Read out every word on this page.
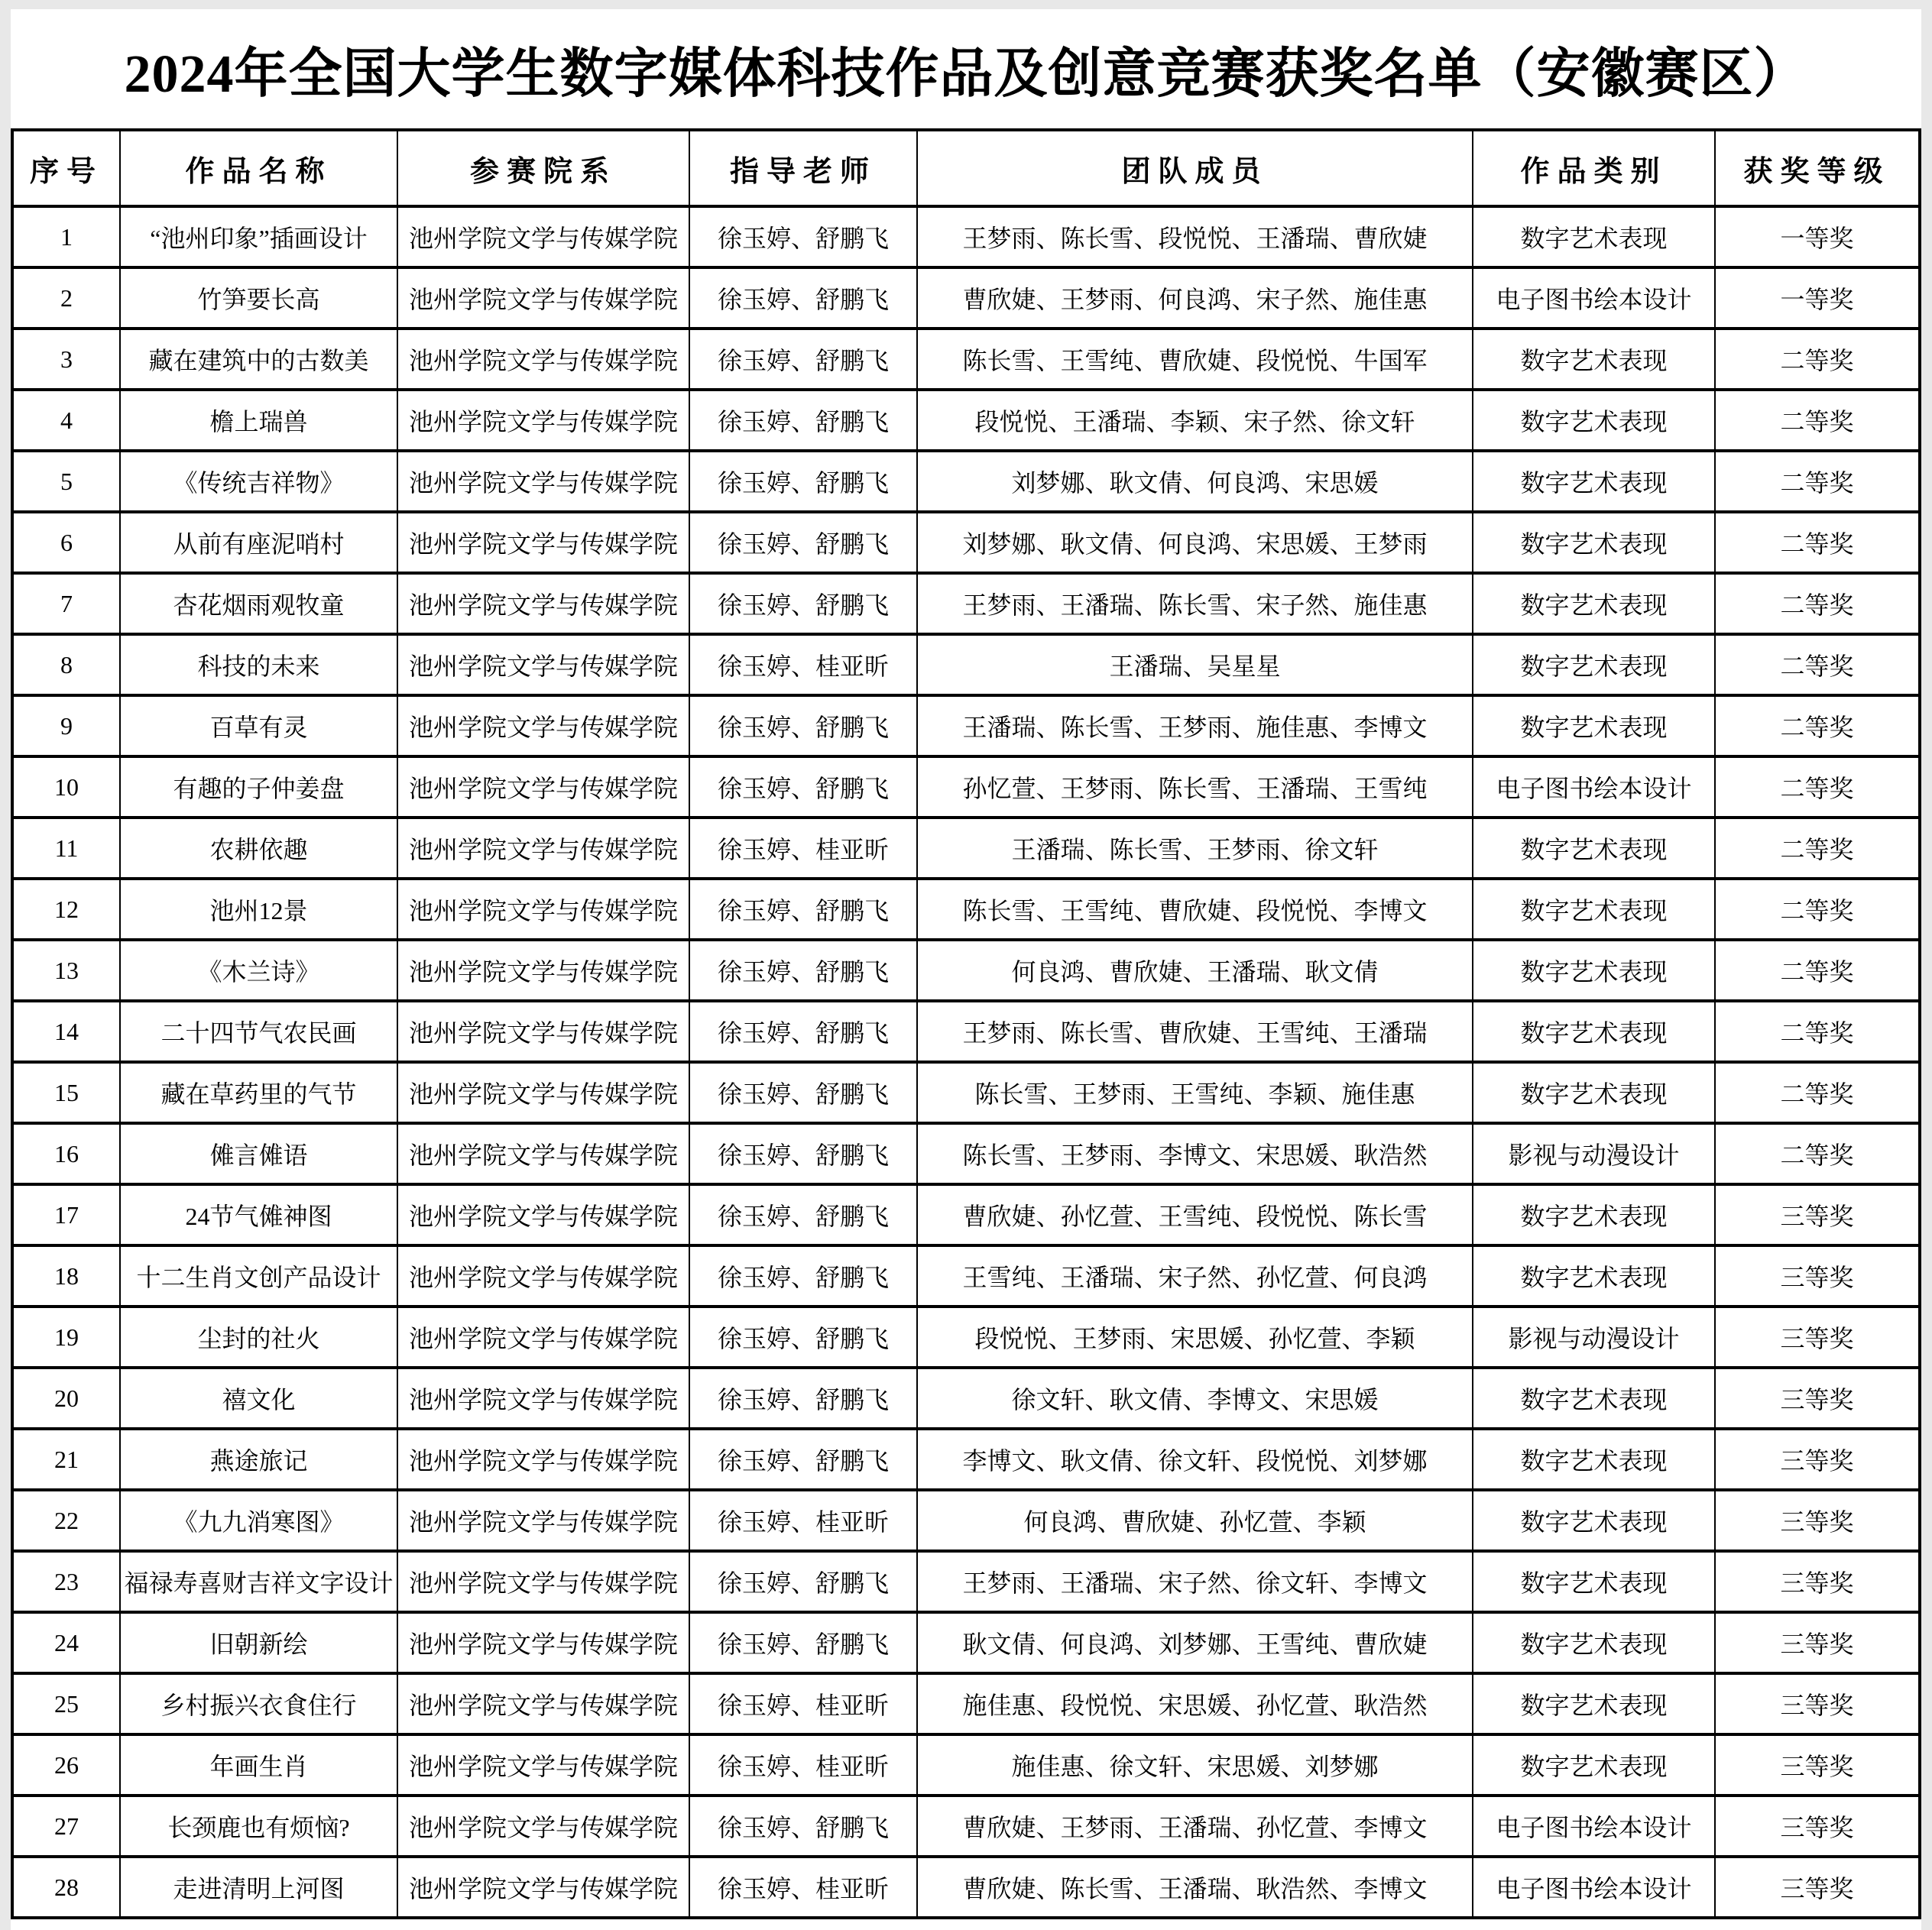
2024年全国大学生数字媒体科技作品及创意竞赛获奖名单（安徽赛区）
序号	作品名称	参赛院系	指导老师	团队成员	作品类别	获奖等级
1	“池州印象”插画设计	池州学院文学与传媒学院	徐玉婷、舒鹏飞	王梦雨、陈长雪、段悦悦、王潘瑞、曹欣婕	数字艺术表现	一等奖
2	竹笋要长高	池州学院文学与传媒学院	徐玉婷、舒鹏飞	曹欣婕、王梦雨、何良鸿、宋子然、施佳惠	电子图书绘本设计	一等奖
3	藏在建筑中的古数美	池州学院文学与传媒学院	徐玉婷、舒鹏飞	陈长雪、王雪纯、曹欣婕、段悦悦、牛国军	数字艺术表现	二等奖
4	檐上瑞兽	池州学院文学与传媒学院	徐玉婷、舒鹏飞	段悦悦、王潘瑞、李颖、宋子然、徐文轩	数字艺术表现	二等奖
5	《传统吉祥物》	池州学院文学与传媒学院	徐玉婷、舒鹏飞	刘梦娜、耿文倩、何良鸿、宋思媛	数字艺术表现	二等奖
6	从前有座泥哨村	池州学院文学与传媒学院	徐玉婷、舒鹏飞	刘梦娜、耿文倩、何良鸿、宋思媛、王梦雨	数字艺术表现	二等奖
7	杏花烟雨观牧童	池州学院文学与传媒学院	徐玉婷、舒鹏飞	王梦雨、王潘瑞、陈长雪、宋子然、施佳惠	数字艺术表现	二等奖
8	科技的未来	池州学院文学与传媒学院	徐玉婷、桂亚昕	王潘瑞、吴星星	数字艺术表现	二等奖
9	百草有灵	池州学院文学与传媒学院	徐玉婷、舒鹏飞	王潘瑞、陈长雪、王梦雨、施佳惠、李博文	数字艺术表现	二等奖
10	有趣的子仲姜盘	池州学院文学与传媒学院	徐玉婷、舒鹏飞	孙忆萱、王梦雨、陈长雪、王潘瑞、王雪纯	电子图书绘本设计	二等奖
11	农耕依趣	池州学院文学与传媒学院	徐玉婷、桂亚昕	王潘瑞、陈长雪、王梦雨、徐文轩	数字艺术表现	二等奖
12	池州12景	池州学院文学与传媒学院	徐玉婷、舒鹏飞	陈长雪、王雪纯、曹欣婕、段悦悦、李博文	数字艺术表现	二等奖
13	《木兰诗》	池州学院文学与传媒学院	徐玉婷、舒鹏飞	何良鸿、曹欣婕、王潘瑞、耿文倩	数字艺术表现	二等奖
14	二十四节气农民画	池州学院文学与传媒学院	徐玉婷、舒鹏飞	王梦雨、陈长雪、曹欣婕、王雪纯、王潘瑞	数字艺术表现	二等奖
15	藏在草药里的气节	池州学院文学与传媒学院	徐玉婷、舒鹏飞	陈长雪、王梦雨、王雪纯、李颖、施佳惠	数字艺术表现	二等奖
16	傩言傩语	池州学院文学与传媒学院	徐玉婷、舒鹏飞	陈长雪、王梦雨、李博文、宋思媛、耿浩然	影视与动漫设计	二等奖
17	24节气傩神图	池州学院文学与传媒学院	徐玉婷、舒鹏飞	曹欣婕、孙忆萱、王雪纯、段悦悦、陈长雪	数字艺术表现	三等奖
18	十二生肖文创产品设计	池州学院文学与传媒学院	徐玉婷、舒鹏飞	王雪纯、王潘瑞、宋子然、孙忆萱、何良鸿	数字艺术表现	三等奖
19	尘封的社火	池州学院文学与传媒学院	徐玉婷、舒鹏飞	段悦悦、王梦雨、宋思媛、孙忆萱、李颖	影视与动漫设计	三等奖
20	禧文化	池州学院文学与传媒学院	徐玉婷、舒鹏飞	徐文轩、耿文倩、李博文、宋思媛	数字艺术表现	三等奖
21	燕途旅记	池州学院文学与传媒学院	徐玉婷、舒鹏飞	李博文、耿文倩、徐文轩、段悦悦、刘梦娜	数字艺术表现	三等奖
22	《九九消寒图》	池州学院文学与传媒学院	徐玉婷、桂亚昕	何良鸿、曹欣婕、孙忆萱、李颖	数字艺术表现	三等奖
23	福禄寿喜财吉祥文字设计	池州学院文学与传媒学院	徐玉婷、舒鹏飞	王梦雨、王潘瑞、宋子然、徐文轩、李博文	数字艺术表现	三等奖
24	旧朝新绘	池州学院文学与传媒学院	徐玉婷、舒鹏飞	耿文倩、何良鸿、刘梦娜、王雪纯、曹欣婕	数字艺术表现	三等奖
25	乡村振兴衣食住行	池州学院文学与传媒学院	徐玉婷、桂亚昕	施佳惠、段悦悦、宋思媛、孙忆萱、耿浩然	数字艺术表现	三等奖
26	年画生肖	池州学院文学与传媒学院	徐玉婷、桂亚昕	施佳惠、徐文轩、宋思媛、刘梦娜	数字艺术表现	三等奖
27	长颈鹿也有烦恼?	池州学院文学与传媒学院	徐玉婷、舒鹏飞	曹欣婕、王梦雨、王潘瑞、孙忆萱、李博文	电子图书绘本设计	三等奖
28	走进清明上河图	池州学院文学与传媒学院	徐玉婷、桂亚昕	曹欣婕、陈长雪、王潘瑞、耿浩然、李博文	电子图书绘本设计	三等奖
